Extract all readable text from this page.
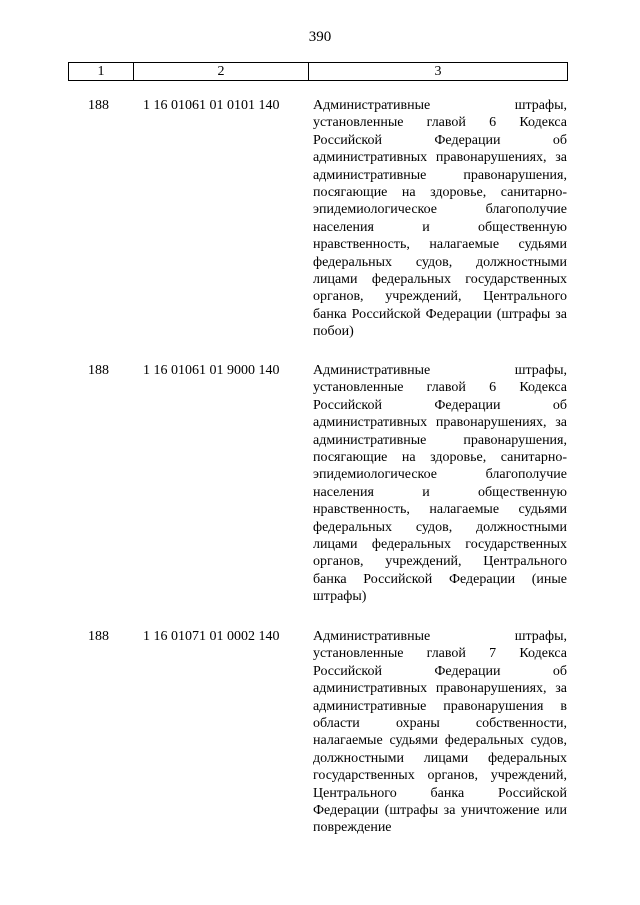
390
1	2	3
188	1 16 01061 01 0101 140	Административные штрафы, установленные главой 6 Кодекса Российской Федерации об административных правонарушениях, за административные правонарушения, посягающие на здоровье, санитарно-эпидемиологическое благополучие населения и общественную нравственность, налагаемые судьями федеральных судов, должностными лицами федеральных государственных органов, учреждений, Центрального банка Российской Федерации (штрафы за побои)
188	1 16 01061 01 9000 140	Административные штрафы, установленные главой 6 Кодекса Российской Федерации об административных правонарушениях, за административные правонарушения, посягающие на здоровье, санитарно-эпидемиологическое благополучие населения и общественную нравственность, налагаемые судьями федеральных судов, должностными лицами федеральных государственных органов, учреждений, Центрального банка Российской Федерации (иные штрафы)
188	1 16 01071 01 0002 140	Административные штрафы, установленные главой 7 Кодекса Российской Федерации об административных правонарушениях, за административные правонарушения в области охраны собственности, налагаемые судьями федеральных судов, должностными лицами федеральных государственных органов, учреждений, Центрального банка Российской Федерации (штрафы за уничтожение или повреждение
